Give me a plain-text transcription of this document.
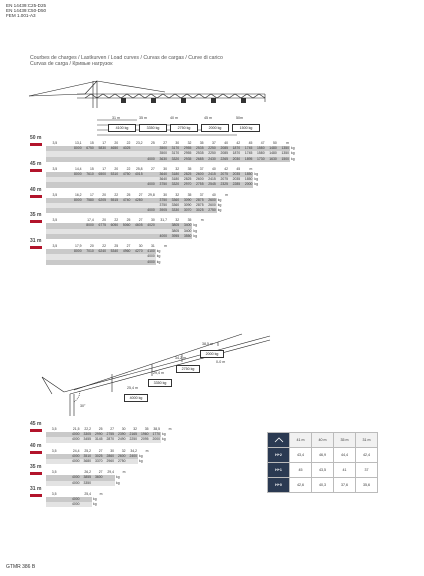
EN 14439:C25-D25
EN 14439:C50-D50
FEM 1.001-A3
Courbes de charges / Lastkurven / Load curves / Curvas de cargas / Curve di carico
Curvas de carga / Кривые нагрузок
31 m	35 m	40 m	45 m	50m
4100 kg	3350 kg	2750 kg	2000 kg	1500 kg
50 m
3,5	13,1	15	17	20	22	23,2	25	27	30	32	35	37	40	42	45	47	50	m
8000	6750	5830	4650	4025	3500	3170	2955	2535	2250	2085	1870	1745	1580	1480	1350 kg
3500	3170	2955	2535	2250	2085	1870	1745	1580	1480	1350 kg
4000	3630	3320	2935	2685	2430	2265	2030	1895	1730	1630	1500 kg
45 m
3,5	14,4	15	17	20	22	25,8	27	30	32	35	37	40	42	45	m
8000	7610	6500	5310	4750	4015	3640	3180	2825	2600	2415	2075	2035	1850 kg
3640	3180	2825	2600	2415	2075	2035	1850 kg
4000	3750	3320	2970	2755	2545	2325	2285	2000 kg
40 m
3,5	16,2	17	20	22	25	27	29,8	30	32	35	37	40	m
8000	7580	6205	5515	4740	4280	3750	3360	3090	2875	2600 kg
3750	3360	3090	2875	2600 kg
4000	3905	3330	3070	3025	2750 kg
35 m
3,5	17,4	20	22	25	27	30	31,7	32	35	m
8000	6775	6050	5060	4605	4020	3805	3400 kg
3805	3400 kg
4000	3955	3550 kg
31 m
3,5	17,9	20	22	25	27	30	31	m
8000	7010	6240	5340	4960	4270	4100 kg
4000 kg
4000 kg
38,5 m
34,2 m
29,4 m
25,4 m
2000 kg
2750 kg
3350 kg
4000 kg
0-0 m
30°
45 m
3,5	21,5	22,2	25	27	30	32	35	38,5	m
4000	3305	2990	2755	2390	2165	1960	1770 kg
4000	3455	3145	2870	2490	2250	2095	2000 kg
40 m
3,5	24,4	25,2	27	30	32	34,2	m
4000	3510	3025	2860	2600	2400 kg
4000	3680	3370	2960	2750	kg
35 m
3,5	26,2	27	29,4	m
4000	3855	3600	kg
4000	3350	kg
31 m
3,5	25,4	m
4000	kg
4000	kg
	41 m	40 m	35 m	31 m
H+2	43,4	46,9	44,4	42,4
H+1	45	43,5	41	37
H+0	42,6	40,3	37,6	35,6
GTMR 386 B
